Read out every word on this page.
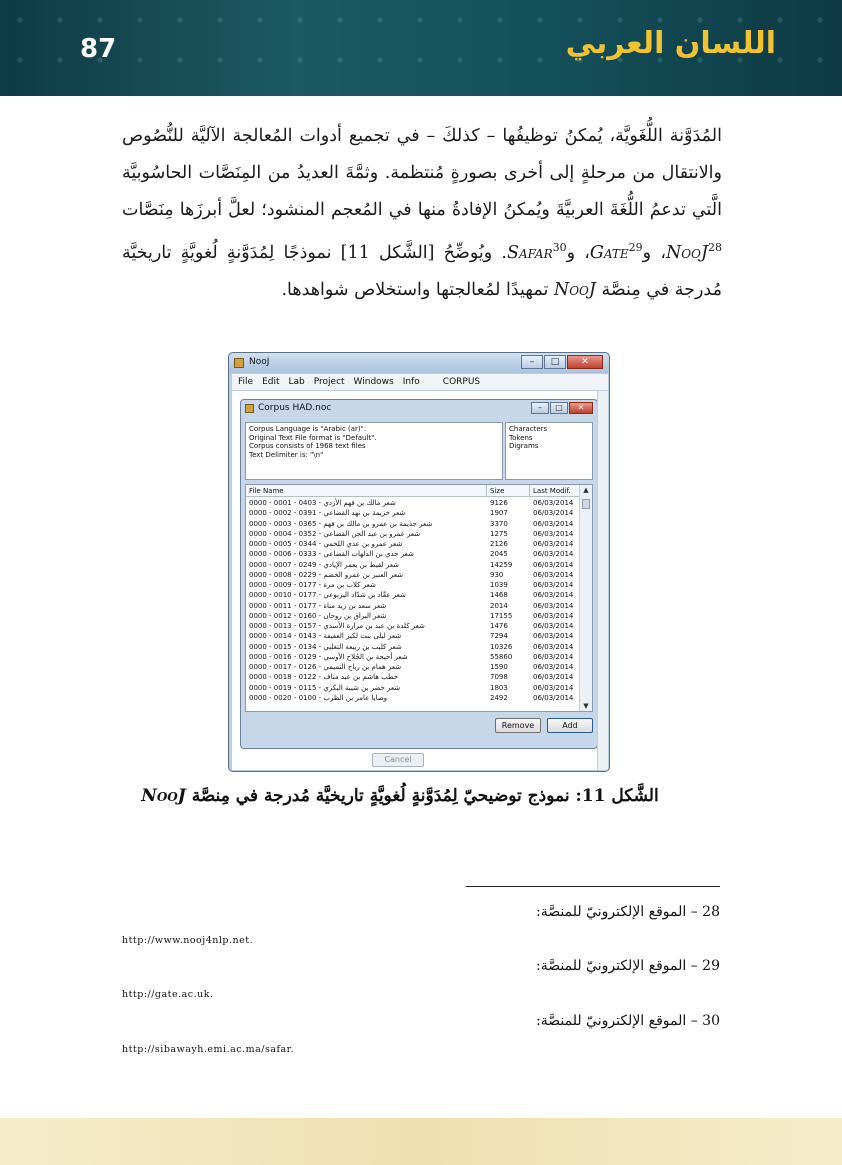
87	اللسان العربي
المُدَوَّنة اللُّغَويَّة، يُمكنُ توظيفُها – كذلكَ – في تجميع أدوات المُعالجة الآليَّة للنُّصُوص والانتقال من مرحلةٍ إلى أخرى بصورةٍ مُنتظمة. وثمَّةَ العديدُ من المِنَصَّات الحاسُوبيَّة الَّتي تدعمُ اللُّغَةَ العربيَّةَ ويُمكنُ الإفادةُ منها في المُعجم المنشود؛ لعلَّ أبرزَها مِنَصَّات NooJ$^{28}$، وGate$^{29}$، وSafar$^{30}$. ويُوضِّحُ [الشَّكل 11] نموذجًا لِمُدَوَّنةٍ لُغويَّةٍ تاريخيَّة مُدرجة في مِنصَّة NooJ تمهيدًا لمُعالجتها واستخلاص شواهدها.
NooJ	–	□	✕
File Edit Lab Project Windows Info	CORPUS
Corpus HAD.noc	–	□	✕
Corpus Language is "Arabic (ar)".
Original Text File format is "Default".
Corpus consists of 1968 text files
Text Delimiter is: "\n"
Characters
Tokens
Digrams
File Name	Size	Last Modif.
0000 - 0001 - 0403 - شعر مالك بن فهم الأزدي	9126	06/03/2014
0000 - 0002 - 0391 - شعر خزيمة بن نهد القضاعي	1907	06/03/2014
0000 - 0003 - 0365 - شعر جذيمة بن عمرو بن مالك بن فهم	3370	06/03/2014
0000 - 0004 - 0352 - شعر عمرو بن عبد الجن القضاعي	1275	06/03/2014
0000 - 0005 - 0344 - شعر عمرو بن عدي اللخمي	2126	06/03/2014
0000 - 0006 - 0333 - شعر جذي بن الدلهات القضاعي	2045	06/03/2014
0000 - 0007 - 0249 - شعر لقيط بن يعمر الإيادي	14259	06/03/2014
0000 - 0008 - 0229 - شعر العنبر بن عمرو الخضم	930	06/03/2014
0000 - 0009 - 0177 - شعر كلاب بن مرة	1039	06/03/2014
0000 - 0010 - 0177 - شعر عقّاد بن شدّاد اليربوعي	1468	06/03/2014
0000 - 0011 - 0177 - شعر سعد بن زيد مناة	2014	06/03/2014
0000 - 0012 - 0160 - شعر البراق بن روحان	17155	06/03/2014
0000 - 0013 - 0157 - شعر كلدة بن عبد بن مرارة الأسدي	1476	06/03/2014
0000 - 0014 - 0143 - شعر ليلى بنت لكيز العفيفة	7294	06/03/2014
0000 - 0015 - 0134 - شعر كليب بن ربيعة التغلبي	10326	06/03/2014
0000 - 0016 - 0129 - شعر أحيحة بن الجُلاح الأوسي	55860	06/03/2014
0000 - 0017 - 0126 - شعر همام بن رياح التميمي	1590	06/03/2014
0000 - 0018 - 0122 - خطب هاشم بن عبد مناف	7098	06/03/2014
0000 - 0019 - 0115 - شعر خضر بن شيبة البكري	1803	06/03/2014
0000 - 0020 - 0100 - وصايا عامر بن الظرب	2492	06/03/2014
▲
▼
Remove	Add
Cancel
الشَّكل 11: نموذج توضيحيّ لِمُدَوَّنةٍ لُغويَّةٍ تاريخيَّة مُدرجة في مِنصَّة NooJ
28 – الموقع الإلكترونيّ للمنصَّة:
http://www.nooj4nlp.net.
29 – الموقع الإلكترونيّ للمنصَّة:
http://gate.ac.uk.
30 – الموقع الإلكترونيّ للمنصَّة:
http://sibawayh.emi.ac.ma/safar.
